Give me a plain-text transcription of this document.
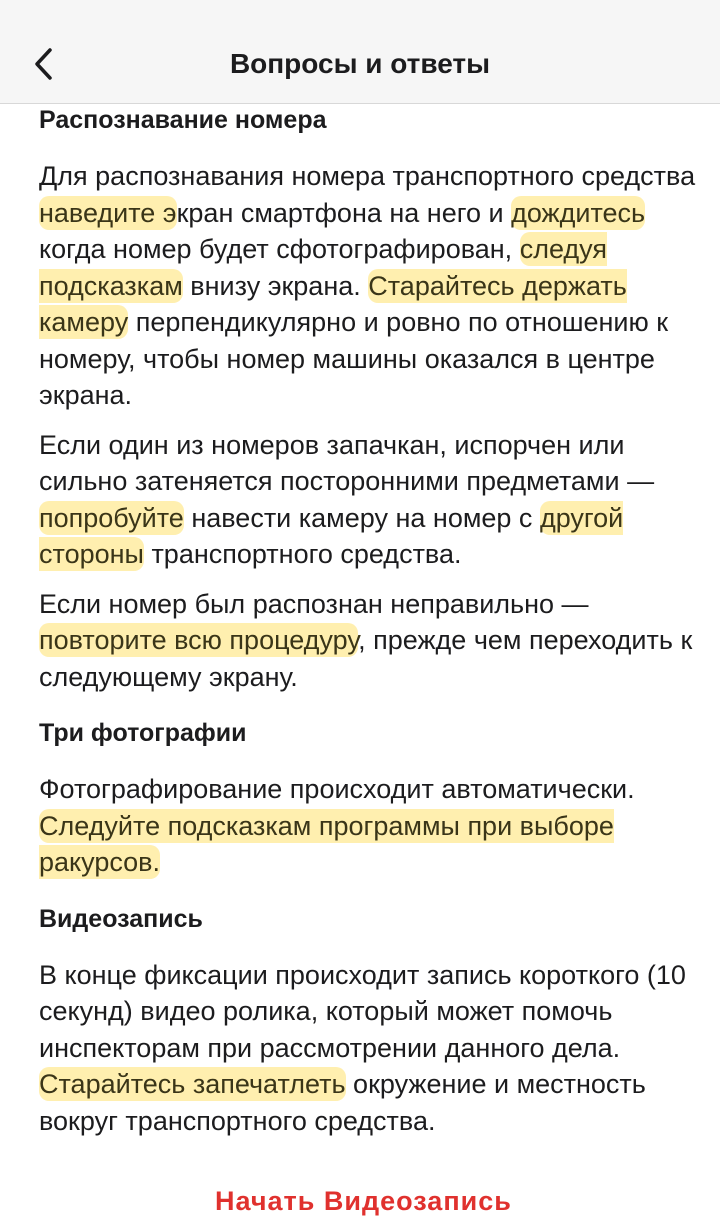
Вопросы и ответы
Распознавание номера

Для распознавания номера транспортного средства наведите экран смартфона на него и дождитесь когда номер будет сфотографирован, следуя подсказкам внизу экрана. Старайтесь держать камеру перпендикулярно и ровно по отношению к номеру, чтобы номер машины оказался в центре экрана.

Если один из номеров запачкан, испорчен или сильно затеняется посторонними предметами — попробуйте навести камеру на номер с другой стороны транспортного средства.

Если номер был распознан неправильно — повторите всю процедуру, прежде чем переходить к следующему экрану.

Три фотографии

Фотографирование происходит автоматически. Следуйте подсказкам программы при выборе ракурсов.

Видеозапись

В конце фиксации происходит запись короткого (10 секунд) видео ролика, который может помочь инспекторам при рассмотрении данного дела. Старайтесь запечатлеть окружение и местность вокруг транспортного средства.

Начать Видеозапись
